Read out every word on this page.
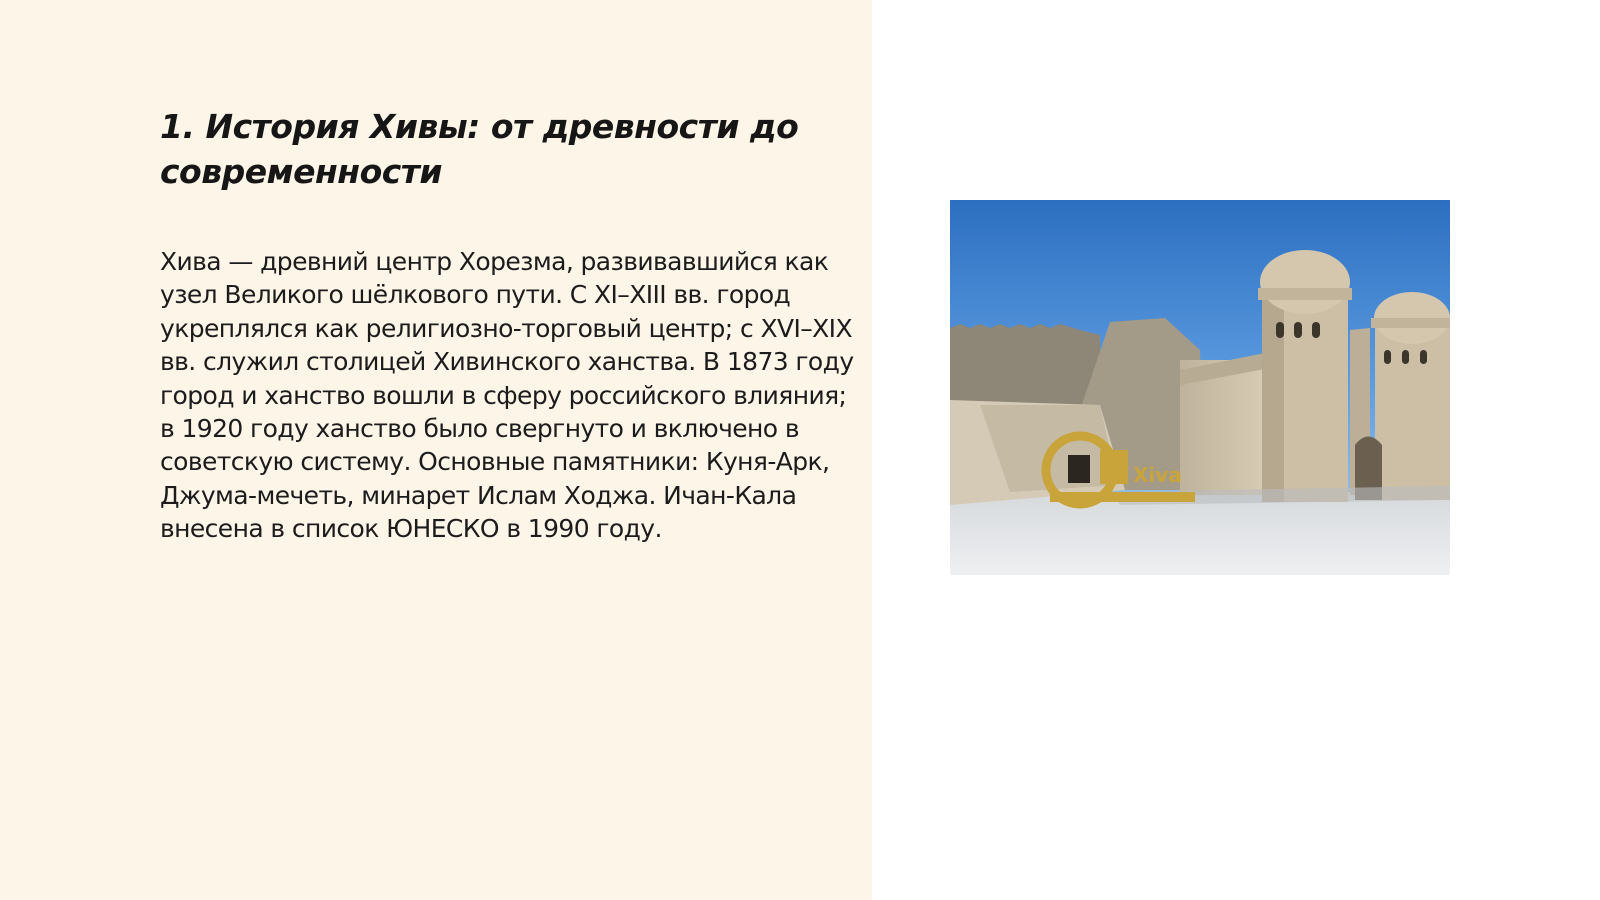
1. История Хивы: от древности до современности

Хива — древний центр Хорезма, развивавшийся как узел Великого шёлкового пути. С XI–XIII вв. город укреплялся как религиозно-торговый центр; с XVI–XIX вв. служил столицей Хивинского ханства. В 1873 году город и ханство вошли в сферу российского влияния; в 1920 году ханство было свергнуто и включено в советскую систему. Основные памятники: Куня-Арк, Джума-мечеть, минарет Ислам Ходжа. Ичан-Кала внесена в список ЮНЕСКО в 1990 году.

Xiva
